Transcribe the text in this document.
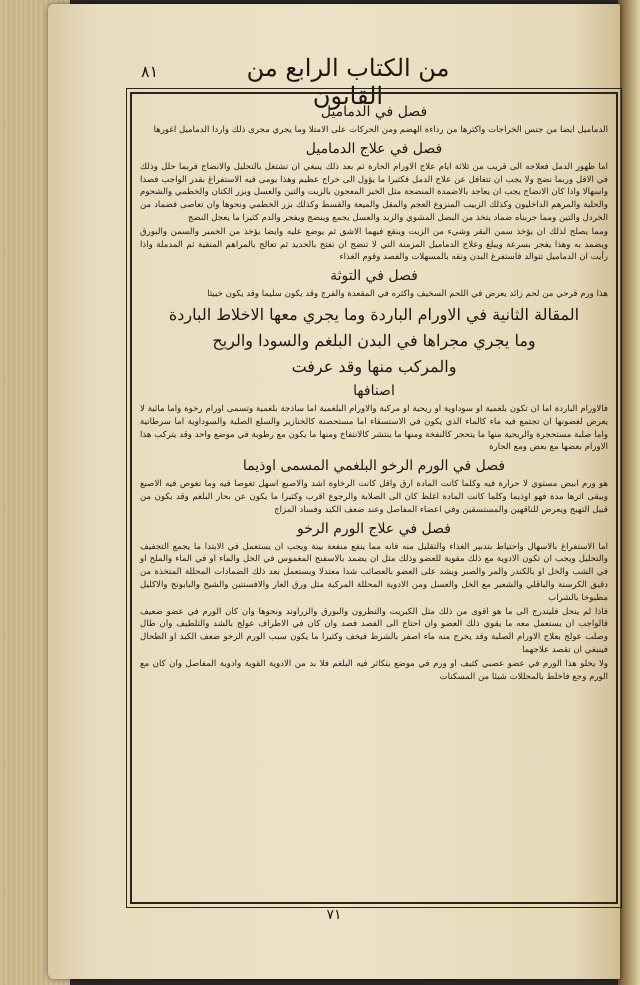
من الكتاب الرابع من القانون
٨١
فصل في الدماميل
الدماميل ايضا من جنس الخراجات واكثرها من رداءة الهضم ومن الحركات على الامتلا وما يجري مجرى ذلك واردا الدماميل اغورها
فصل في علاج الدماميل
اما ظهور الدمل فعلاجه الى قريب من ثلاثة ايام علاج الاورام الحارة ثم بعد ذلك ينبغي ان تشتغل بالتحليل والانضاج فربما حلل وذلك في الاقل وربما نضج ولا يجب ان تتغافل عن علاج الدمل فكثيرا ما يؤول الى خراج عظيم وهذا يومى فيه الاستفراغ بقدر الواجب فصدا واسهالا واذا كان الانضاج يجب ان يعاجد بالاضمدة المنضجة مثل الخبز المعجون بالزيت والتين والعسل وبزر الكتان والخطمي والشحوم والحلبة والمرهم الداخليون وكذلك الزبيب المنزوع العجم والمقل والميعة والقسط وكذلك بزر الخطمي ونحوها وان تعاصى فضماد من الخردل والتين ومما جربناه ضماد يتخذ من البصل المشوي والزبد والعسل يجمع وينضج ويفجر والدم كثيرا ما يعجل النضج
ومما يصلح لذلك ان يؤخذ سمن البقر وشيء من الزيت وينقع فيهما الاشق ثم يوضع عليه وايضا يؤخذ من الخمير والسمن والبورق ويضمد به وهذا يفجر بسرعة ويبلغ وعلاج الدماميل المزمنة التي لا تنضج ان تفتح بالحديد ثم تعالج بالمراهم المنقية ثم المدملة واذا رأيت ان الدماميل تتوالد فاستفرغ البدن ونقه بالمسهلات والفصد وقوم الغذاء
فصل في التوثة
هذا ورم قرحي من لحم زائد يعرض في اللحم السخيف واكثره في المقعدة والفرج وقد يكون سليما وقد يكون خبيثا
المقالة الثانية في الاورام الباردة وما يجري معها الاخلاط الباردة
وما يجري مجراها في البدن البلغم والسودا والريح
والمركب منها وقد عرفت
اصنافها
فالاورام الباردة اما ان تكون بلغمية او سوداوية او ريحية او مركبة والاورام البلغمية اما ساذجة بلغمية وتسمى اورام رخوة واما مائية لا يعرض لغضونها ان تجتمع فيه ماء كالماء الذي يكون في الاستسقاء اما مستحصنة كالخنازير والسلع الصلبة والسوداوية اما سرطانية واما صلبة مستحجرة والريحية منها ما يتحجر كالنفخة ومنها ما ينتشر كالانتفاخ ومنها ما يكون مع رطوبة في موضع واحد وقد يتركب هذا الاورام بعضها مع بعض ومع الحارة
فصل في الورم الرخو البلغمي المسمى اوذيما
هو ورم ابيض مستوي لا حرارة فيه وكلما كانت المادة ارق واقل كانت الرخاوة اشد والاصبع اسهل تغوصا فيه وما تغوص فيه الاصبع ويبقى اثرها مدة فهو اوذيما وكلما كانت المادة اغلظ كان الى الصلابة والرجوع اقرب وكثيرا ما يكون عن بحار البلغم وقد يكون من قبيل التهيج ويعرض للناقهين والمستسقين وفي اعضاء المفاصل وعند ضعف الكبد وفساد المزاج
فصل في علاج الورم الرخو
اما الاستفراغ بالاسهال واحتياط بتدبير الغذاء والتقليل منه فانه مما ينفع منفعة بينة ويجب ان يستعمل في الابتدا ما يجمع التجفيف والتحليل ويجب ان تكون الادوية مع ذلك مقوية للعضو وذلك مثل ان يضمد بالاسفنج المغموس في الخل والماء او في الماء والملح او في الشب والخل او بالكندر والمر والصبر ويشد على العضو بالعصائب شدا معتدلا ويستعمل بعد ذلك الضمادات المحللة المتخذة من دقيق الكرسنة والباقلي والشعير مع الخل والعسل ومن الادوية المحللة المركبة مثل ورق الغار والافسنتين والشيح والبابونج والاكليل مطبوخا بالشراب
فاذا لم ينحل فليتدرج الى ما هو اقوى من ذلك مثل الكبريت والنطرون والبورق والزراوند ونحوها وان كان الورم في عضو ضعيف فالواجب ان يستعمل معه ما يقوي ذلك العضو وان احتاج الى الفصد فصد وان كان في الاطراف عولج بالشد والتلطيف وان طال وصلب عولج بعلاج الاورام الصلبة وقد يخرج منه ماء اصفر بالشرط فيخف وكثيرا ما يكون سبب الورم الرخو ضعف الكبد او الطحال فينبغي ان تقصد علاجهما
ولا يخلو هذا الورم في عضو عصبي كثيف او ورم في موضع يتكاثر فيه البلغم فلا بد من الادوية القوية وادوية المفاصل وان كان مع الورم وجع فاخلط بالمحللات شيئا من المسكنات
٧١
